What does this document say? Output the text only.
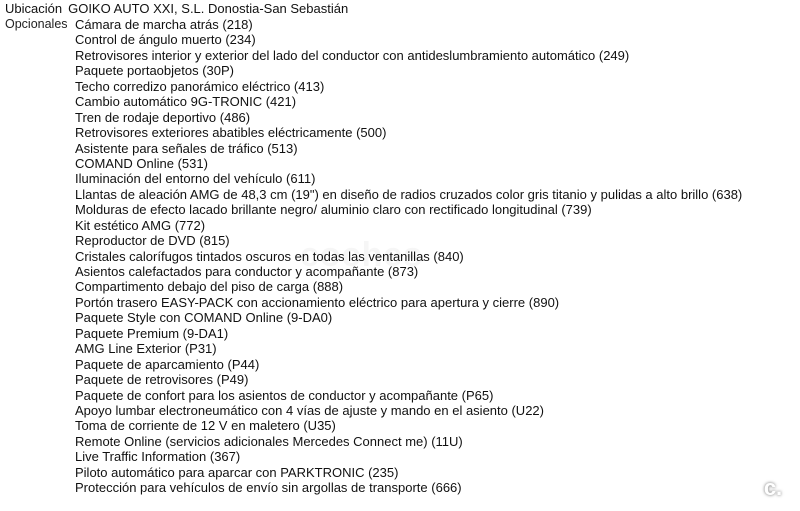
Ubicación GOIKO AUTO XXI, S.L. Donostia-San Sebastián
Opcionales Cámara de marcha atrás (218)
Control de ángulo muerto (234)
Retrovisores interior y exterior del lado del conductor con antideslumbramiento automático (249)
Paquete portaobjetos (30P)
Techo corredizo panorámico eléctrico (413)
Cambio automático 9G-TRONIC (421)
Tren de rodaje deportivo (486)
Retrovisores exteriores abatibles eléctricamente (500)
Asistente para señales de tráfico (513)
COMAND Online (531)
Iluminación del entorno del vehículo (611)
Llantas de aleación AMG de 48,3 cm (19") en diseño de radios cruzados color gris titanio y pulidas a alto brillo (638)
Molduras de efecto lacado brillante negro/ aluminio claro con rectificado longitudinal (739)
Kit estético AMG (772)
Reproductor de DVD (815)
Cristales calorífugos tintados oscuros en todas las ventanillas (840)
Asientos calefactados para conductor y acompañante (873)
Compartimento debajo del piso de carga (888)
Portón trasero EASY-PACK con accionamiento eléctrico para apertura y cierre (890)
Paquete Style con COMAND Online (9-DA0)
Paquete Premium (9-DA1)
AMG Line Exterior (P31)
Paquete de aparcamiento (P44)
Paquete de retrovisores (P49)
Paquete de confort para los asientos de conductor y acompañante (P65)
Apoyo lumbar electroneumático con 4 vías de ajuste y mando en el asiento (U22)
Toma de corriente de 12 V en maletero (U35)
Remote Online (servicios adicionales Mercedes Connect me) (11U)
Live Traffic Information (367)
Piloto automático para aparcar con PARKTRONIC (235)
Protección para vehículos de envío sin argollas de transporte (666)	c.
